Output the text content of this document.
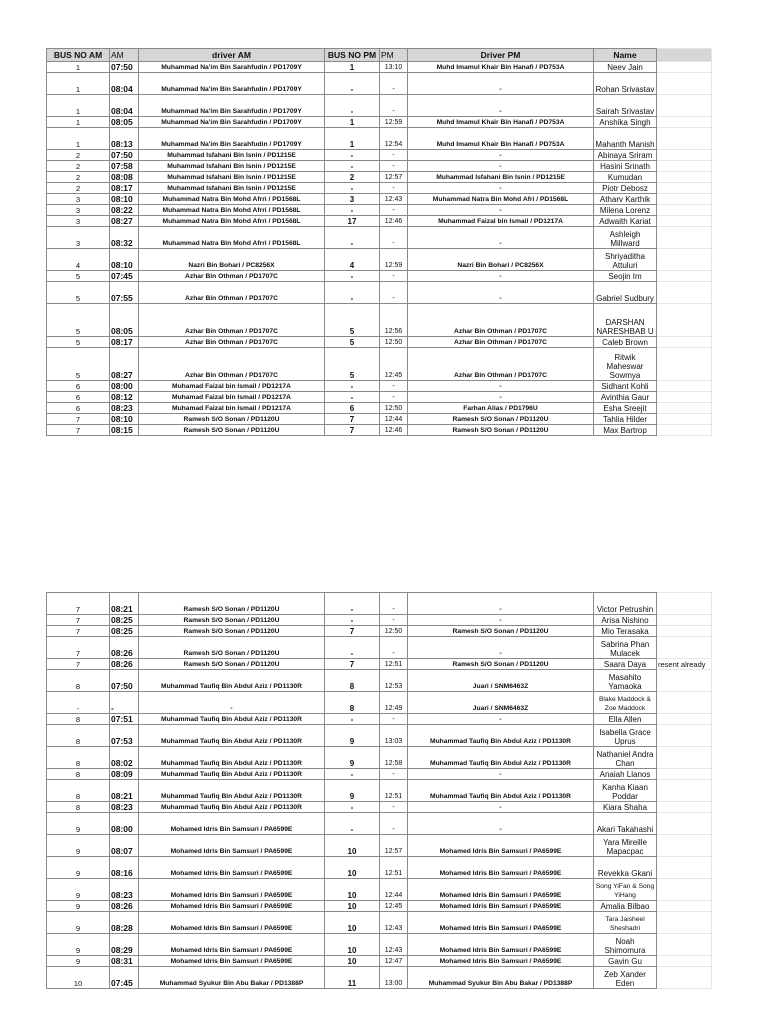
BUS NO AM	AM	driver AM	BUS NO PM	PM	Driver PM	Name	
1	07:50	Muhammad Na'im Bin Sarahfudin / PD1709Y	1	13:10	Muhd Imamul Khair Bin Hanafi / PD753A	Neev Jain	
1	08:04	Muhammad Na'im Bin Sarahfudin / PD1709Y	-	-	-	Rohan Srivastav	
1	08:04	Muhammad Na'im Bin Sarahfudin / PD1709Y	-	-	-	Sairah Srivastav	
1	08:05	Muhammad Na'im Bin Sarahfudin / PD1709Y	1	12:59	Muhd Imamul Khair Bin Hanafi / PD753A	Anshika Singh	
1	08:13	Muhammad Na'im Bin Sarahfudin / PD1709Y	1	12:54	Muhd Imamul Khair Bin Hanafi / PD753A	Mahanth Manish	
2	07:50	Muhammad Isfahani Bin Isnin / PD1215E	-	-	-	Abinaya Sriram	
2	07:58	Muhammad Isfahani Bin Isnin / PD1215E	-	-	-	Hasini Srinath	
2	08:08	Muhammad Isfahani Bin Isnin / PD1215E	2	12:57	Muhammad Isfahani Bin Isnin / PD1215E	Kumudan	
2	08:17	Muhammad Isfahani Bin Isnin / PD1215E	-	-	-	Piotr Debosz	
3	08:10	Muhammad Natra Bin Mohd Afrri / PD1568L	3	12:43	Muhammad Natra Bin Mohd Afri / PD1568L	Atharv Karthik	
3	08:22	Muhammad Natra Bin Mohd Afrri / PD1568L	-	-	-	Milena Lorenz	
3	08:27	Muhammad Natra Bin Mohd Afrri / PD1568L	17	12:46	Muhammad Faizal bin Ismail / PD1217A	Adwaith Kariat	
3	08:32	Muhammad Natra Bin Mohd Afrri / PD1568L	-	-	-	Ashleigh Millward	
4	08:10	Nazri Bin Bohari / PC8256X	4	12:59	Nazri Bin Bohari / PC8256X	Shriyaditha Attuluri	
5	07:45	Azhar Bin Othman / PD1707C	-	-	-	Seojin Im	
5	07:55	Azhar Bin Othman / PD1707C	-	-	-	Gabriel Sudbury	
5	08:05	Azhar Bin Othman / PD1707C	5	12:56	Azhar Bin Othman / PD1707C	DARSHAN NARESHBAB U	
5	08:17	Azhar Bin Othman / PD1707C	5	12:50	Azhar Bin Othman / PD1707C	Caleb Brown	
5	08:27	Azhar Bin Othman / PD1707C	5	12:45	Azhar Bin Othman / PD1707C	Ritwik Maheswar Sowmya	
6	08:00	Muhamad Faizal bin Ismail / PD1217A	-	-	-	Sidhant Kohli	
6	08:12	Muhamad Faizal bin Ismail / PD1217A	-	-	-	Avinthia Gaur	
6	08:23	Muhamad Faizal bin Ismail / PD1217A	6	12:50	Farhan Alias / PD1796U	Esha Sreejit	
7	08:10	Ramesh S/O Sonan / PD1120U	7	12:44	Ramesh S/O Sonan / PD1120U	Tahlia Hilder	
7	08:15	Ramesh S/O Sonan / PD1120U	7	12:46	Ramesh S/O Sonan / PD1120U	Max Bartrop	
7	08:21	Ramesh S/O Sonan / PD1120U	-	-	-	Victor Petrushin	
7	08:25	Ramesh S/O Sonan / PD1120U	-	-	-	Arisa Nishino	
7	08:25	Ramesh S/O Sonan / PD1120U	7	12:50	Ramesh S/O Sonan / PD1120U	Mio Terasaka	
7	08:26	Ramesh S/O Sonan / PD1120U	-	-	-	Sabrina Phan Mulacek	
7	08:26	Ramesh S/O Sonan / PD1120U	7	12:51	Ramesh S/O Sonan / PD1120U	Saara Daya	resent already
8	07:50	Muhammad Taufiq Bin Abdul Aziz / PD1130R	8	12:53	Juari / SNM6463Z	Masahito Yamaoka	
-	-	-	8	12:49	Juari / SNM6463Z	Blake Maddock & Zoe Maddock	
8	07:51	Muhammad Taufiq Bin Abdul Aziz / PD1130R	-	-	-	Ella Allen	
8	07:53	Muhammad Taufiq Bin Abdul Aziz / PD1130R	9	13:03	Muhammad Taufiq Bin Abdul Aziz / PD1130R	Isabella Grace Uprus	
8	08:02	Muhammad Taufiq Bin Abdul Aziz / PD1130R	9	12:58	Muhammad Taufiq Bin Abdul Aziz / PD1130R	Nathaniel Andra Chan	
8	08:09	Muhammad Taufiq Bin Abdul Aziz / PD1130R	-	-	-	Anaiah Llanos	
8	08:21	Muhammad Taufiq Bin Abdul Aziz / PD1130R	9	12:51	Muhammad Taufiq Bin Abdul Aziz / PD1130R	Kanha Kiaan Poddar	
8	08:23	Muhammad Taufiq Bin Abdul Aziz / PD1130R	-	-	-	Kiara Shaha	
9	08:00	Mohamed Idris Bin Samsuri / PA6599E	-	-	-	Akari Takahashi	
9	08:07	Mohamed Idris Bin Samsuri / PA6599E	10	12:57	Mohamed Idris Bin Samsuri / PA6599E	Yara Mireille Mapacpac	
9	08:16	Mohamed Idris Bin Samsuri / PA6599E	10	12:51	Mohamed Idris Bin Samsuri / PA6599E	Revekka Gkani	
9	08:23	Mohamed Idris Bin Samsuri / PA6599E	10	12:44	Mohamed Idris Bin Samsuri / PA6599E	Song YiFan & Song YiHang	
9	08:26	Mohamed Idris Bin Samsuri / PA6599E	10	12:45	Mohamed Idris Bin Samsuri / PA6599E	Amalia Bilbao	
9	08:28	Mohamed Idris Bin Samsuri / PA6599E	10	12:43	Mohamed Idris Bin Samsuri / PA6599E	Tara Jaisheel Sheshadri	
9	08:29	Mohamed Idris Bin Samsuri / PA6599E	10	12:43	Mohamed Idris Bin Samsuri / PA6599E	Noah Shimomura	
9	08:31	Mohamed Idris Bin Samsuri / PA6599E	10	12:47	Mohamed Idris Bin Samsuri / PA6599E	Gavin Gu	
10	07:45	Muhammad Syukur Bin Abu Bakar / PD1388P	11	13:00	Muhammad Syukur Bin Abu Bakar / PD1388P	Zeb Xander Eden	
